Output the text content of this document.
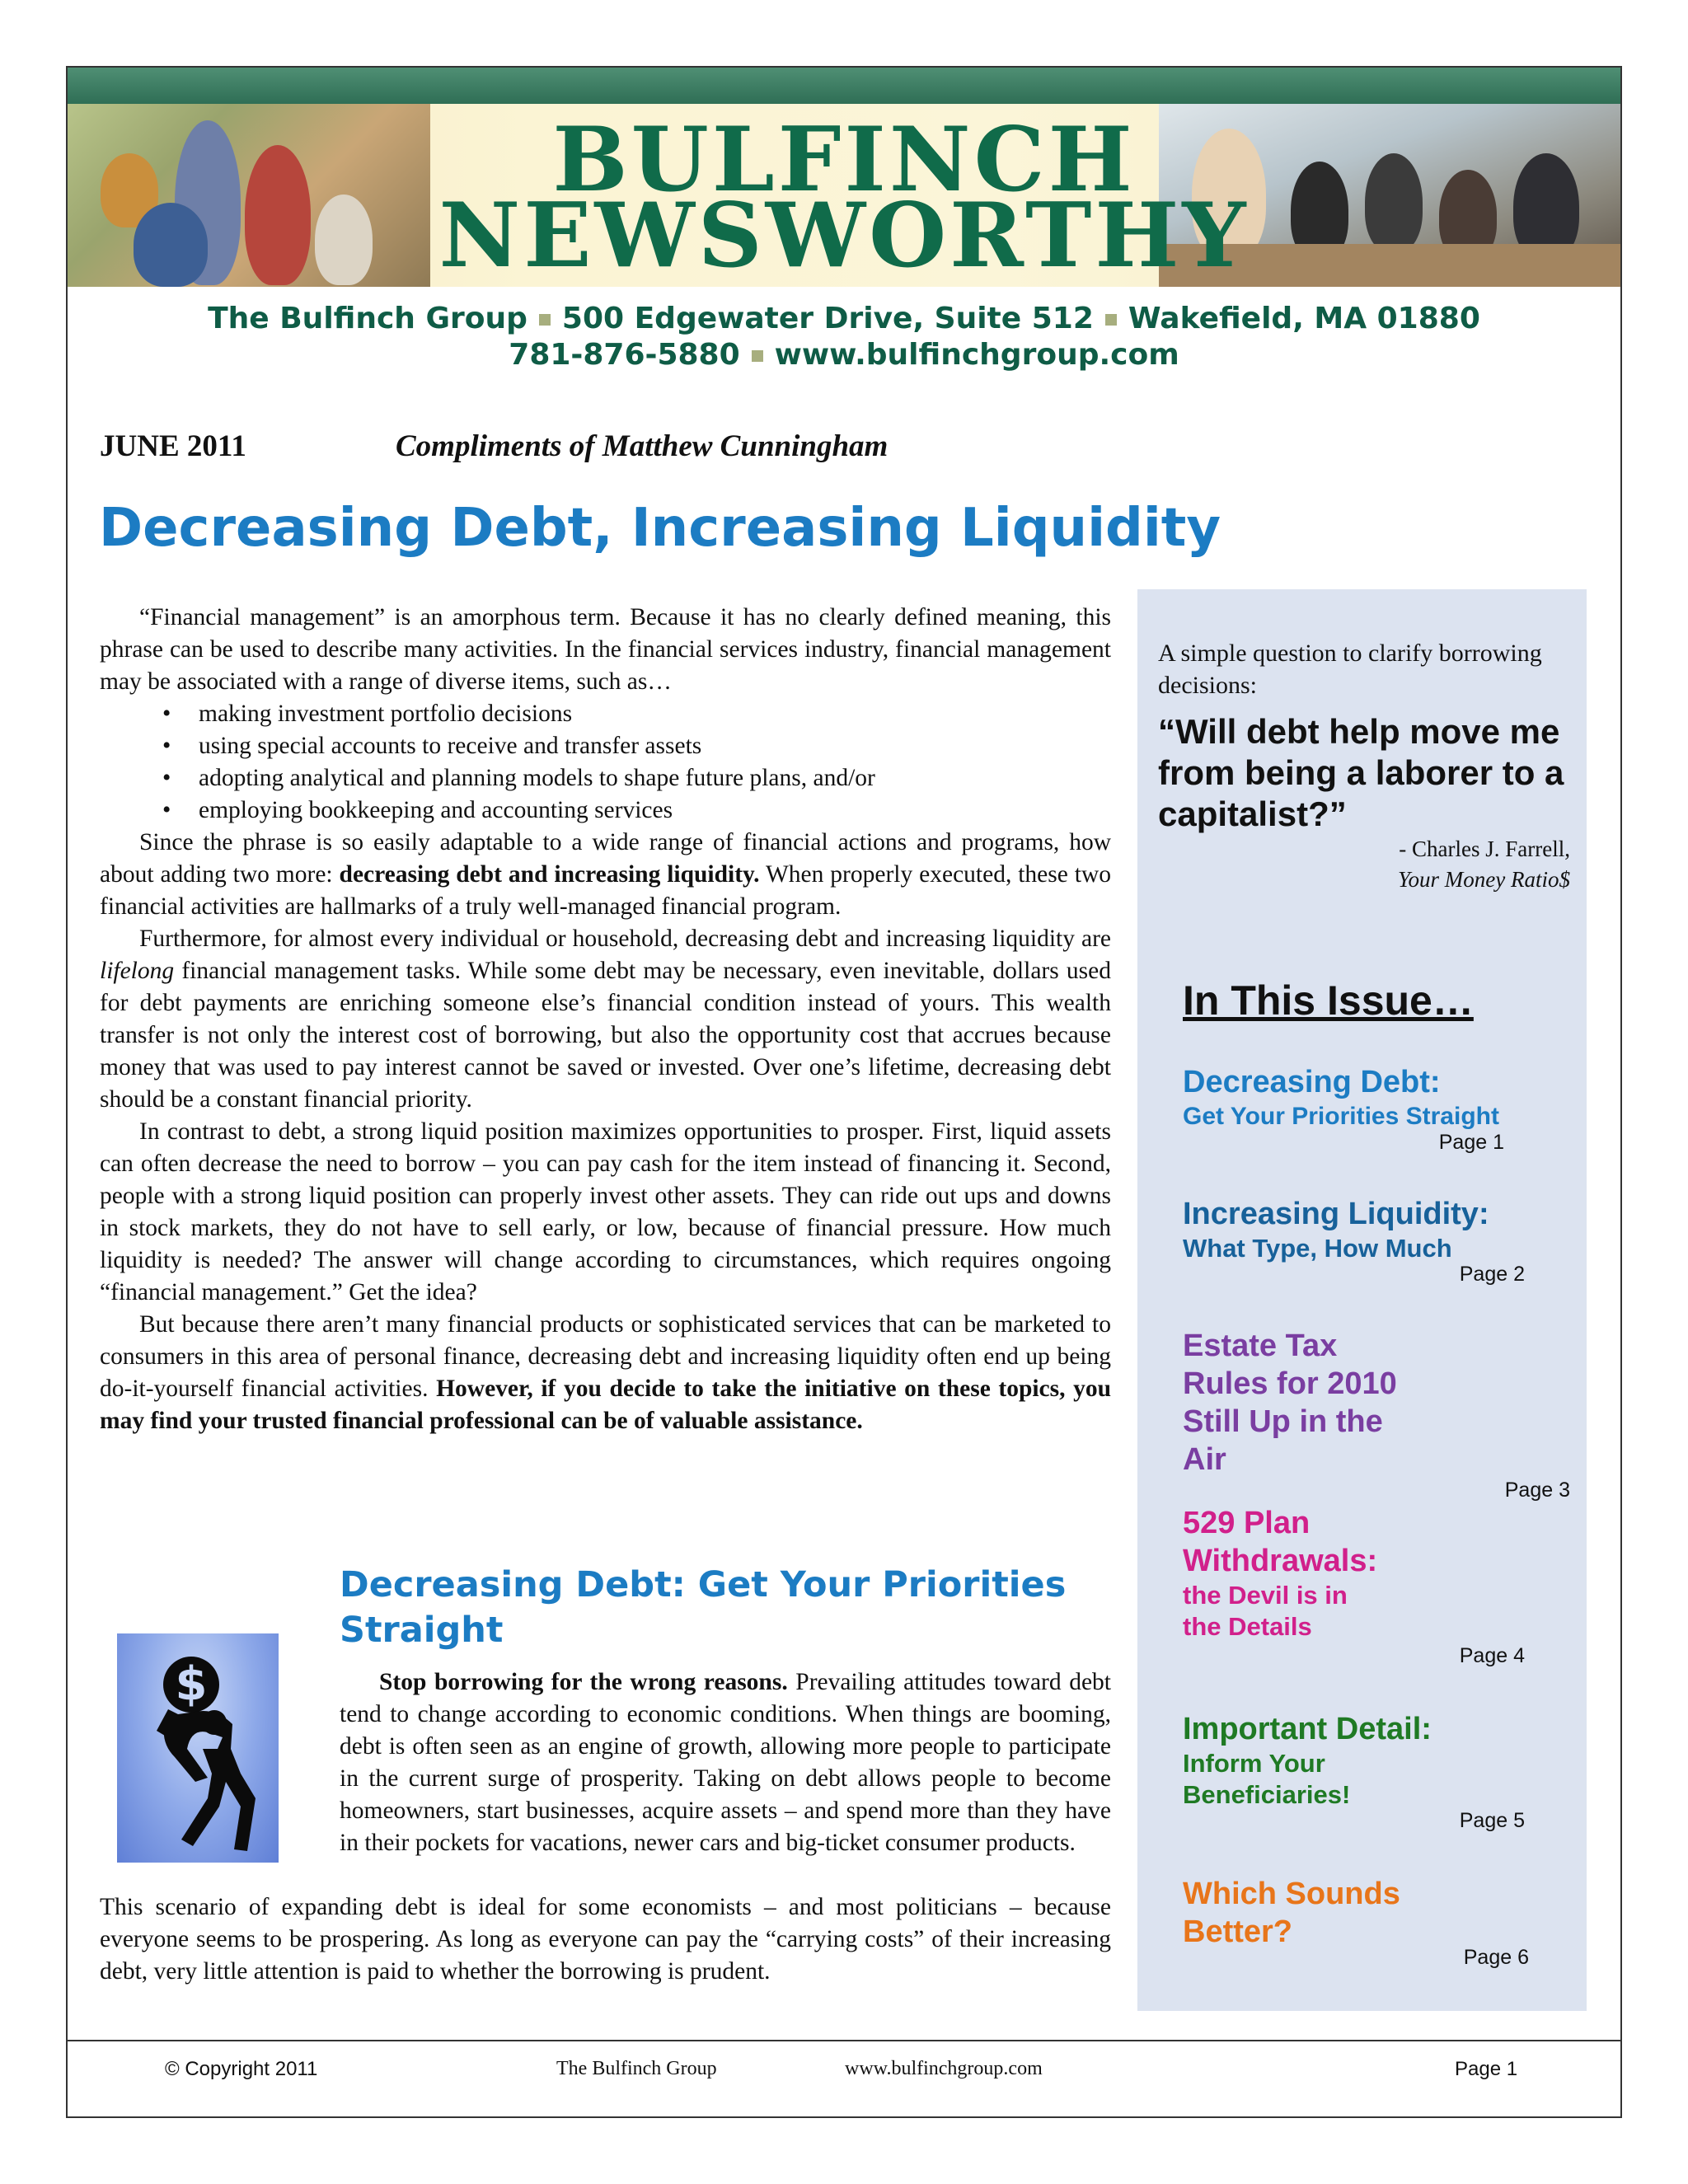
BULFINCH
NEWSWORTHY
The Bulfinch Group 500 Edgewater Drive, Suite 512 Wakefield, MA 01880
781-876-5880 www.bulfinchgroup.com
JUNE 2011	Compliments of Matthew Cunningham
Decreasing Debt, Increasing Liquidity

“Financial management” is an amorphous term. Because it has no clearly defined meaning, this phrase can be used to describe many activities. In the financial services industry, financial management may be associated with a range of diverse items, such as…

• making investment portfolio decisions
• using special accounts to receive and transfer assets
• adopting analytical and planning models to shape future plans, and/or
• employing bookkeeping and accounting services

Since the phrase is so easily adaptable to a wide range of financial actions and programs, how about adding two more: decreasing debt and increasing liquidity. When properly executed, these two financial activities are hallmarks of a truly well-managed financial program.

Furthermore, for almost every individual or household, decreasing debt and increasing liquidity are lifelong financial management tasks. While some debt may be necessary, even inevitable, dollars used for debt payments are enriching someone else’s financial condition instead of yours. This wealth transfer is not only the interest cost of borrowing, but also the opportunity cost that accrues because money that was used to pay interest cannot be saved or invested. Over one’s lifetime, decreasing debt should be a constant financial priority.

In contrast to debt, a strong liquid position maximizes opportunities to prosper. First, liquid assets can often decrease the need to borrow – you can pay cash for the item instead of financing it. Second, people with a strong liquid position can properly invest other assets. They can ride out ups and downs in stock markets, they do not have to sell early, or low, because of financial pressure. How much liquidity is needed? The answer will change according to circumstances, which requires ongoing “financial management.” Get the idea?

But because there aren’t many financial products or sophisticated services that can be marketed to consumers in this area of personal finance, decreasing debt and increasing liquidity often end up being do-it-yourself financial activities. However, if you decide to take the initiative on these topics, you may find your trusted financial professional can be of valuable assistance.

Decreasing Debt: Get Your Priorities Straight
$	Stop borrowing for the wrong reasons. Prevailing attitudes toward debt tend to change according to economic conditions. When things are booming, debt is often seen as an engine of growth, allowing more people to participate in the current surge of prosperity. Taking on debt allows people to become homeowners, start businesses, acquire assets – and spend more than they have in their pockets for vacations, newer cars and big-ticket consumer products.

This scenario of expanding debt is ideal for some economists – and most politicians – because everyone seems to be prospering. As long as everyone can pay the “carrying costs” of their increasing debt, very little attention is paid to whether the borrowing is prudent.

A simple question to clarify borrowing decisions:
“Will debt help move me from being a laborer to a capitalist?”
- Charles J. Farrell,
Your Money Ratio$
In This Issue…
Decreasing Debt:
Get Your Priorities Straight
Page 1
Increasing Liquidity:
What Type, How Much
Page 2
Estate Tax Rules for 2010 Still Up in the Air
Page 3
529 Plan Withdrawals:
the Devil is in the Details
Page 4
Important Detail:
Inform Your Beneficiaries!
Page 5
Which Sounds Better?
Page 6
© Copyright 2011	The Bulfinch Group	www.bulfinchgroup.com	Page 1
